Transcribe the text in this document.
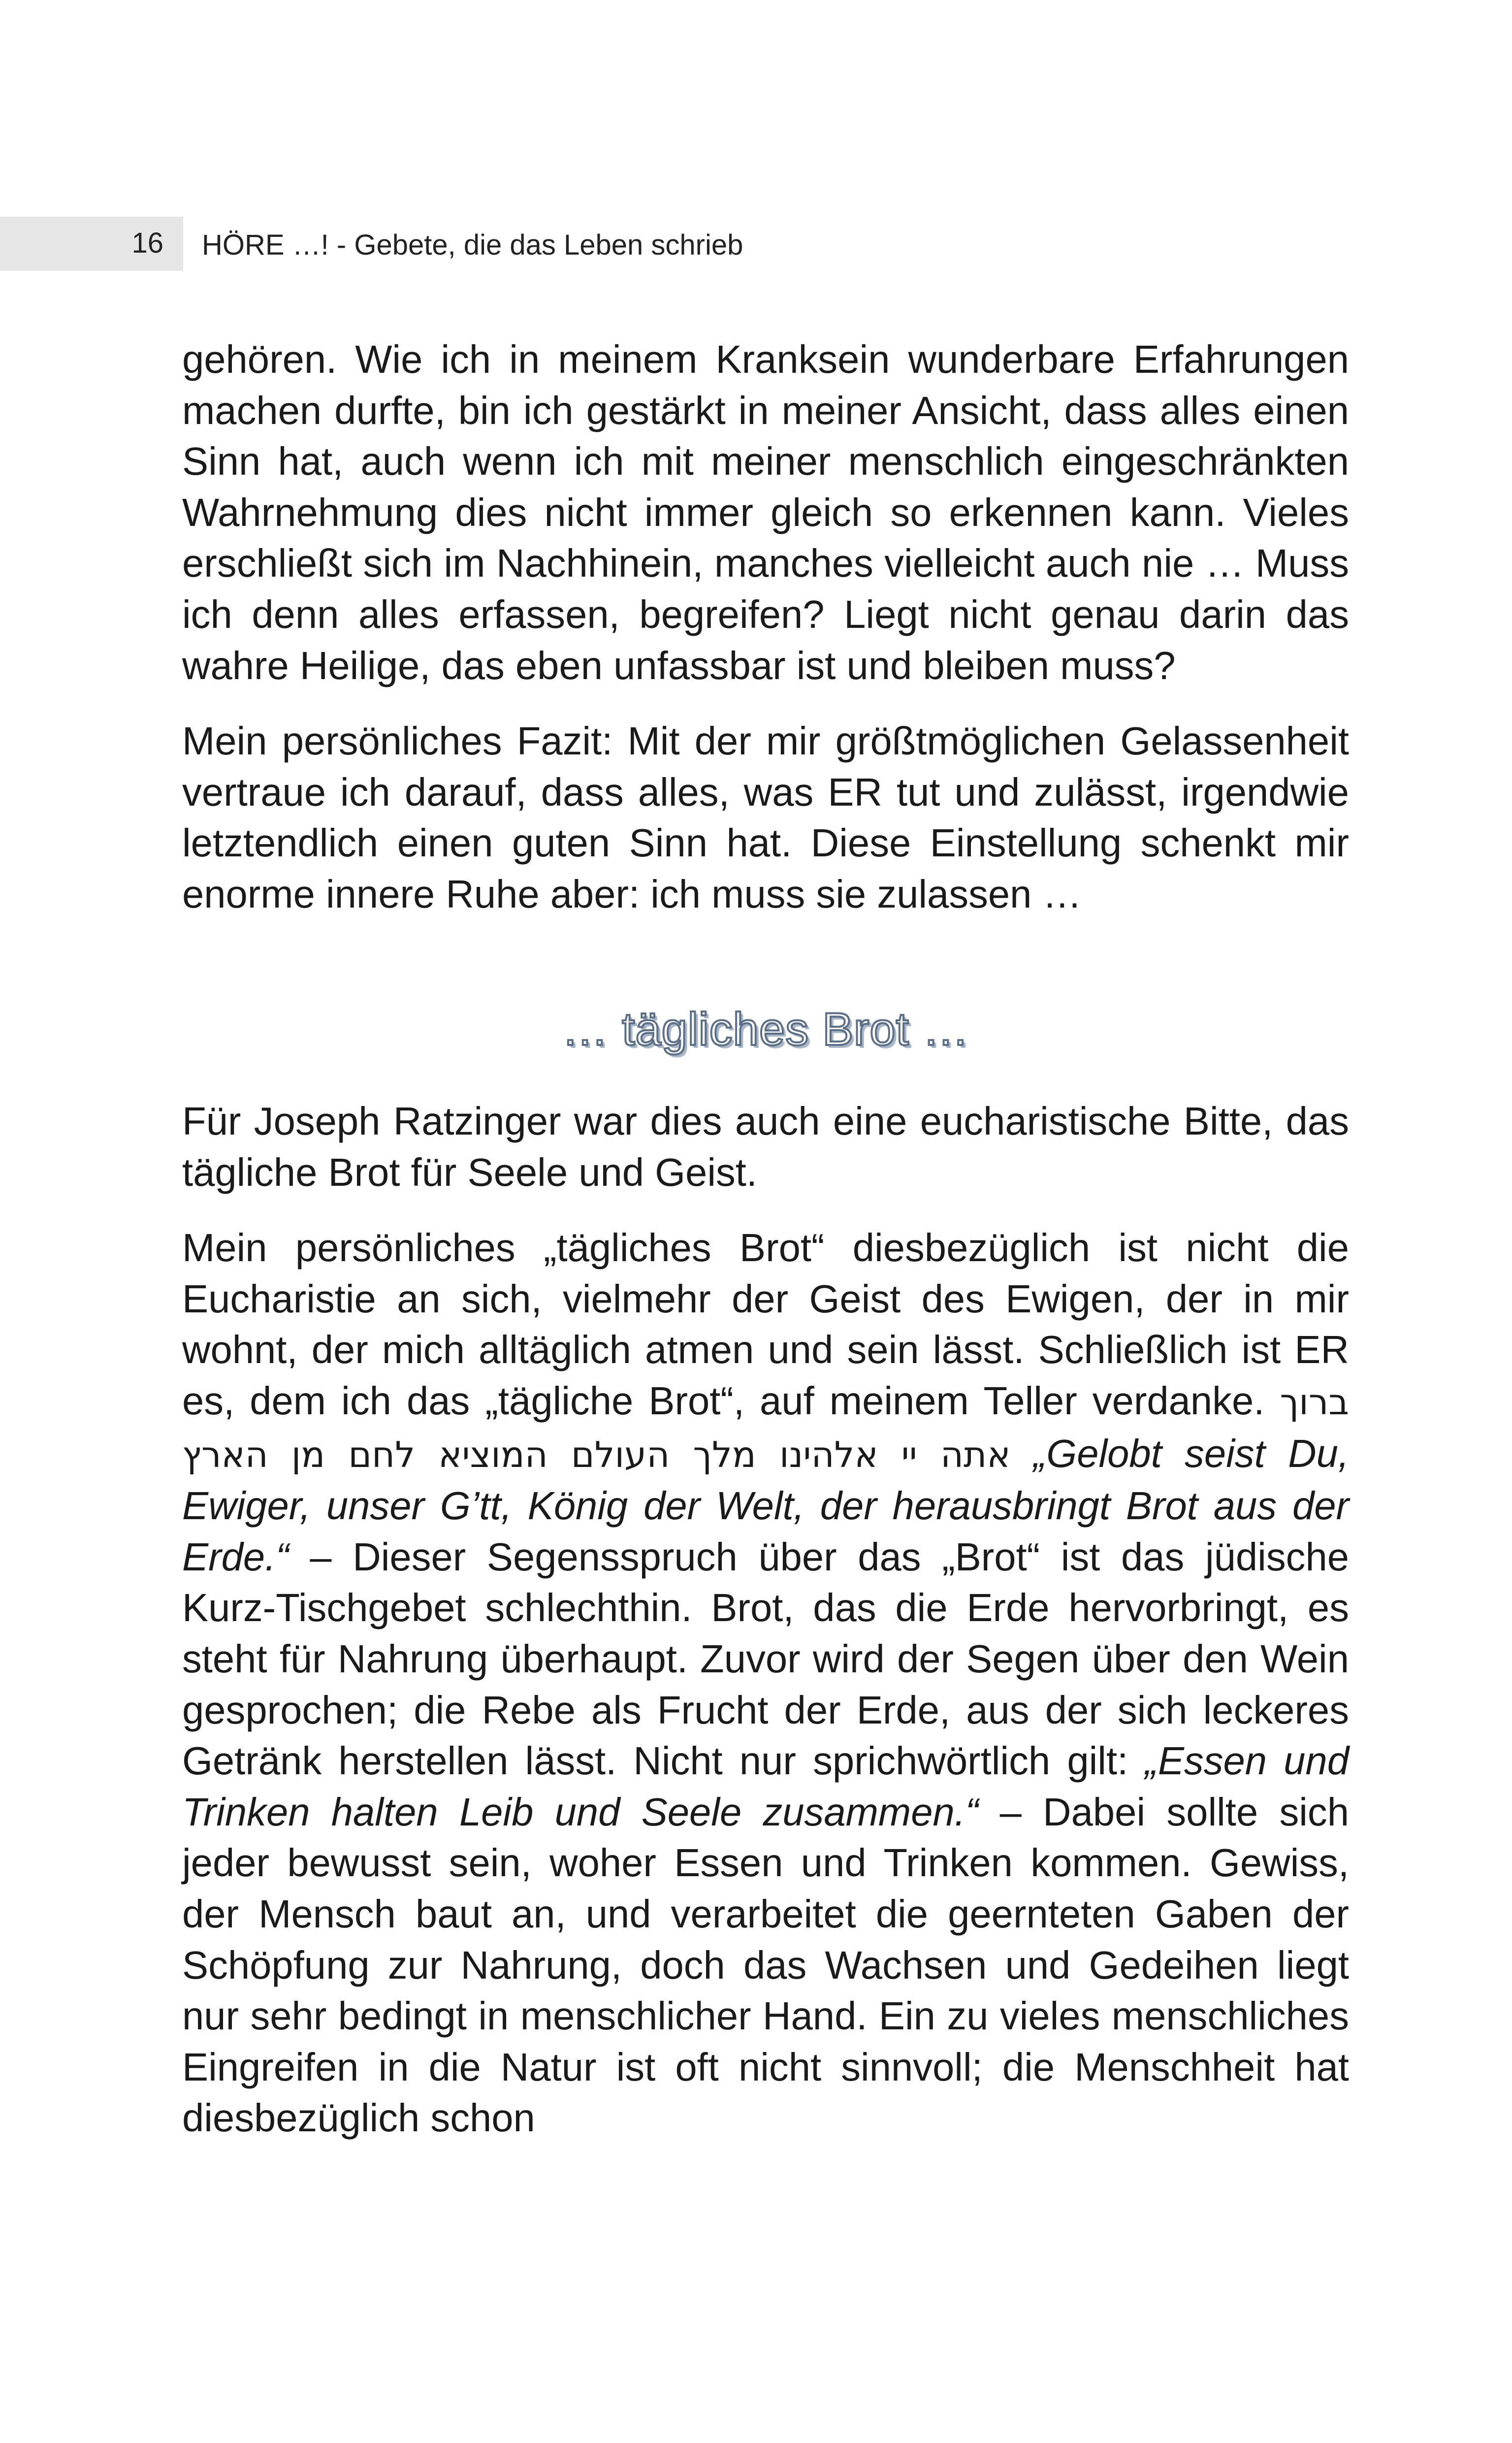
16 HÖRE …! - Gebete, die das Leben schrieb

gehören. Wie ich in meinem Kranksein wunderbare Erfahrungen machen durfte, bin ich gestärkt in meiner Ansicht, dass alles einen Sinn hat, auch wenn ich mit meiner menschlich eingeschränkten Wahrnehmung dies nicht immer gleich so erkennen kann. Vieles erschließt sich im Nachhinein, manches vielleicht auch nie … Muss ich denn alles erfassen, begreifen? Liegt nicht genau darin das wahre Heilige, das eben unfassbar ist und bleiben muss?

Mein persönliches Fazit: Mit der mir größtmöglichen Gelassenheit vertraue ich darauf, dass alles, was ER tut und zulässt, irgendwie letztendlich einen guten Sinn hat. Diese Einstellung schenkt mir enorme innere Ruhe aber: ich muss sie zulassen …

… tägliches Brot …

Für Joseph Ratzinger war dies auch eine eucharistische Bitte, das tägliche Brot für Seele und Geist.

Mein persönliches „tägliches Brot“ diesbezüglich ist nicht die Eucharistie an sich, vielmehr der Geist des Ewigen, der in mir wohnt, der mich alltäglich atmen und sein lässt. Schließlich ist ER es, dem ich das „tägliche Brot“, auf meinem Teller verdanke. ברוך אתה יי אלהינו מלך העולם המוציא לחם מן הארץ „Gelobt seist Du, Ewiger, unser G’tt, König der Welt, der herausbringt Brot aus der Erde.“ – Dieser Segensspruch über das „Brot“ ist das jüdische Kurz-Tischgebet schlechthin. Brot, das die Erde hervorbringt, es steht für Nahrung überhaupt. Zuvor wird der Segen über den Wein gesprochen; die Rebe als Frucht der Erde, aus der sich leckeres Getränk herstellen lässt. Nicht nur sprichwörtlich gilt: „Essen und Trinken halten Leib und Seele zusammen.“ – Dabei sollte sich jeder bewusst sein, woher Essen und Trinken kommen. Gewiss, der Mensch baut an, und verarbeitet die geernteten Gaben der Schöpfung zur Nahrung, doch das Wachsen und Gedeihen liegt nur sehr bedingt in menschlicher Hand. Ein zu vieles menschliches Eingreifen in die Natur ist oft nicht sinnvoll; die Menschheit hat diesbezüglich schon
